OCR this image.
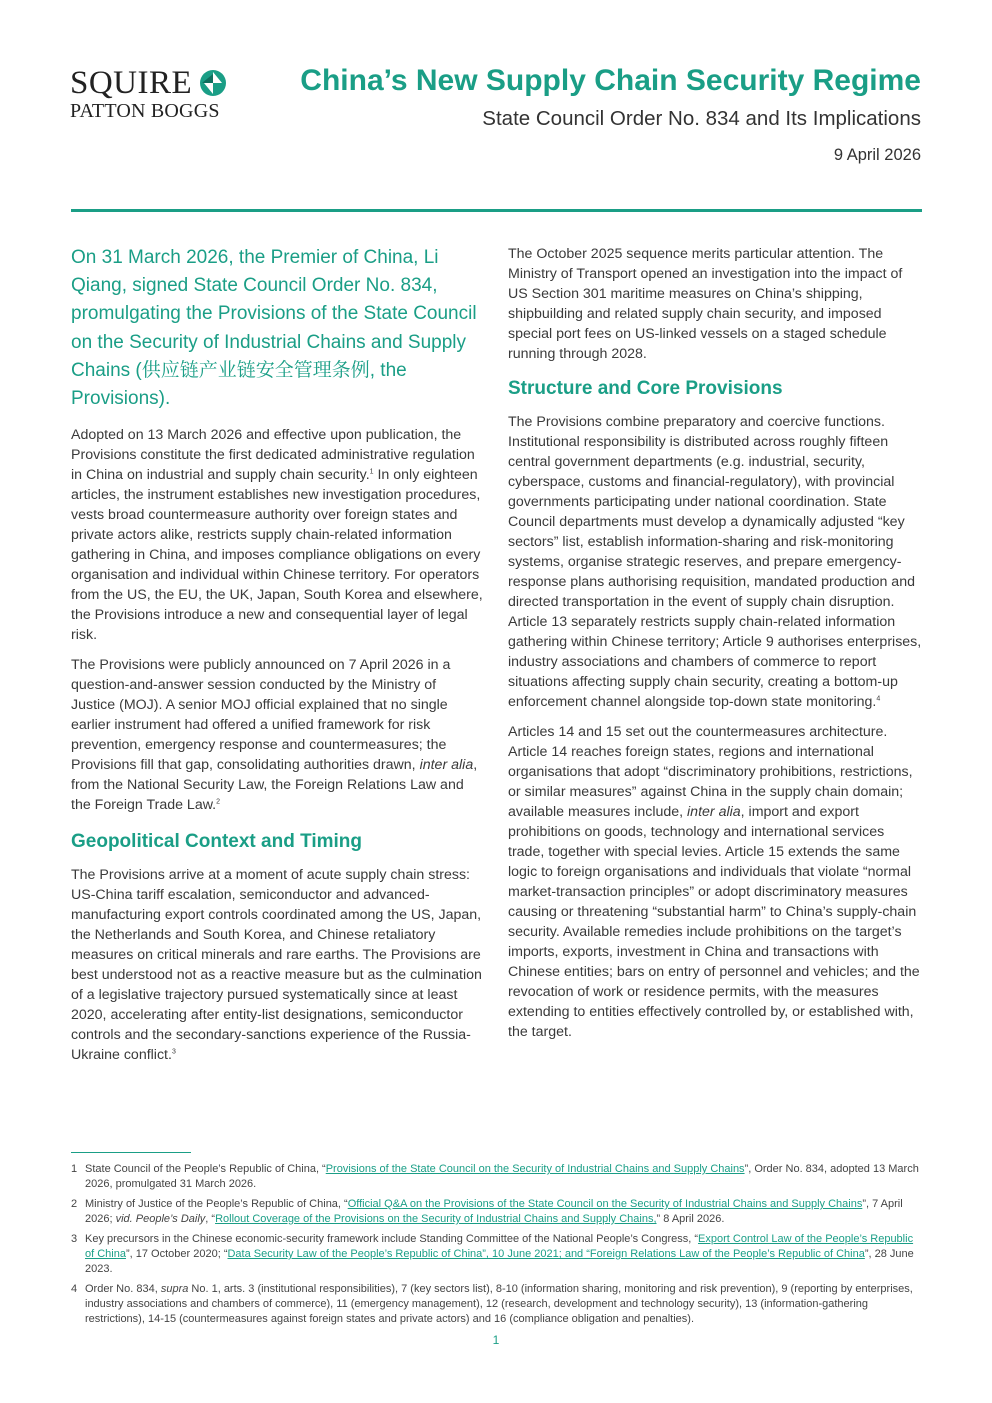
SQUIRE
PATTON BOGGS
China’s New Supply Chain Security Regime
State Council Order No. 834 and Its Implications
9 April 2026

On 31 March 2026, the Premier of China, Li Qiang, signed State Council Order No. 834, promulgating the Provisions of the State Council on the Security of Industrial Chains and Supply Chains (供应链产业链安全管理条例, the Provisions).

Adopted on 13 March 2026 and effective upon publication, the Provisions constitute the first dedicated administrative regulation in China on industrial and supply chain security.$^1$ In only eighteen articles, the instrument establishes new investigation procedures, vests broad countermeasure authority over foreign states and private actors alike, restricts supply chain-related information gathering in China, and imposes compliance obligations on every organisation and individual within Chinese territory. For operators from the US, the EU, the UK, Japan, South Korea and elsewhere, the Provisions introduce a new and consequential layer of legal risk.

The Provisions were publicly announced on 7 April 2026 in a question-and-answer session conducted by the Ministry of Justice (MOJ). A senior MOJ official explained that no single earlier instrument had offered a unified framework for risk prevention, emergency response and countermeasures; the Provisions fill that gap, consolidating authorities drawn, inter alia, from the National Security Law, the Foreign Relations Law and the Foreign Trade Law.$^2$

Geopolitical Context and Timing

The Provisions arrive at a moment of acute supply chain stress: US-China tariff escalation, semiconductor and advanced-manufacturing export controls coordinated among the US, Japan, the Netherlands and South Korea, and Chinese retaliatory measures on critical minerals and rare earths. The Provisions are best understood not as a reactive measure but as the culmination of a legislative trajectory pursued systematically since at least 2020, accelerating after entity-list designations, semiconductor controls and the secondary-sanctions experience of the Russia-Ukraine conflict.$^3$

The October 2025 sequence merits particular attention. The Ministry of Transport opened an investigation into the impact of US Section 301 maritime measures on China’s shipping, shipbuilding and related supply chain security, and imposed special port fees on US-linked vessels on a staged schedule running through 2028.

Structure and Core Provisions

The Provisions combine preparatory and coercive functions. Institutional responsibility is distributed across roughly fifteen central government departments (e.g. industrial, security, cyberspace, customs and financial-regulatory), with provincial governments participating under national coordination. State Council departments must develop a dynamically adjusted “key sectors” list, establish information-sharing and risk-monitoring systems, organise strategic reserves, and prepare emergency-response plans authorising requisition, mandated production and directed transportation in the event of supply chain disruption. Article 13 separately restricts supply chain-related information gathering within Chinese territory; Article 9 authorises enterprises, industry associations and chambers of commerce to report situations affecting supply chain security, creating a bottom-up enforcement channel alongside top-down state monitoring.$^4$

Articles 14 and 15 set out the countermeasures architecture. Article 14 reaches foreign states, regions and international organisations that adopt “discriminatory prohibitions, restrictions, or similar measures” against China in the supply chain domain; available measures include, inter alia, import and export prohibitions on goods, technology and international services trade, together with special levies. Article 15 extends the same logic to foreign organisations and individuals that violate “normal market-transaction principles” or adopt discriminatory measures causing or threatening “substantial harm” to China’s supply-chain security. Available remedies include prohibitions on the target’s imports, exports, investment in China and transactions with Chinese entities; bars on entry of personnel and vehicles; and the revocation of work or residence permits, with the measures extending to entities effectively controlled by, or established with, the target.

1 State Council of the People’s Republic of China, “Provisions of the State Council on the Security of Industrial Chains and Supply Chains”, Order No. 834, adopted 13 March 2026, promulgated 31 March 2026.
2 Ministry of Justice of the People’s Republic of China, “Official Q&A on the Provisions of the State Council on the Security of Industrial Chains and Supply Chains”, 7 April 2026; vid. People’s Daily, “Rollout Coverage of the Provisions on the Security of Industrial Chains and Supply Chains,” 8 April 2026.
3 Key precursors in the Chinese economic-security framework include Standing Committee of the National People’s Congress, “Export Control Law of the People’s Republic of China”, 17 October 2020; “Data Security Law of the People’s Republic of China”, 10 June 2021; and “Foreign Relations Law of the People’s Republic of China”, 28 June 2023.
4 Order No. 834, supra No. 1, arts. 3 (institutional responsibilities), 7 (key sectors list), 8-10 (information sharing, monitoring and risk prevention), 9 (reporting by enterprises, industry associations and chambers of commerce), 11 (emergency management), 12 (research, development and technology security), 13 (information-gathering restrictions), 14-15 (countermeasures against foreign states and private actors) and 16 (compliance obligation and penalties).
1
